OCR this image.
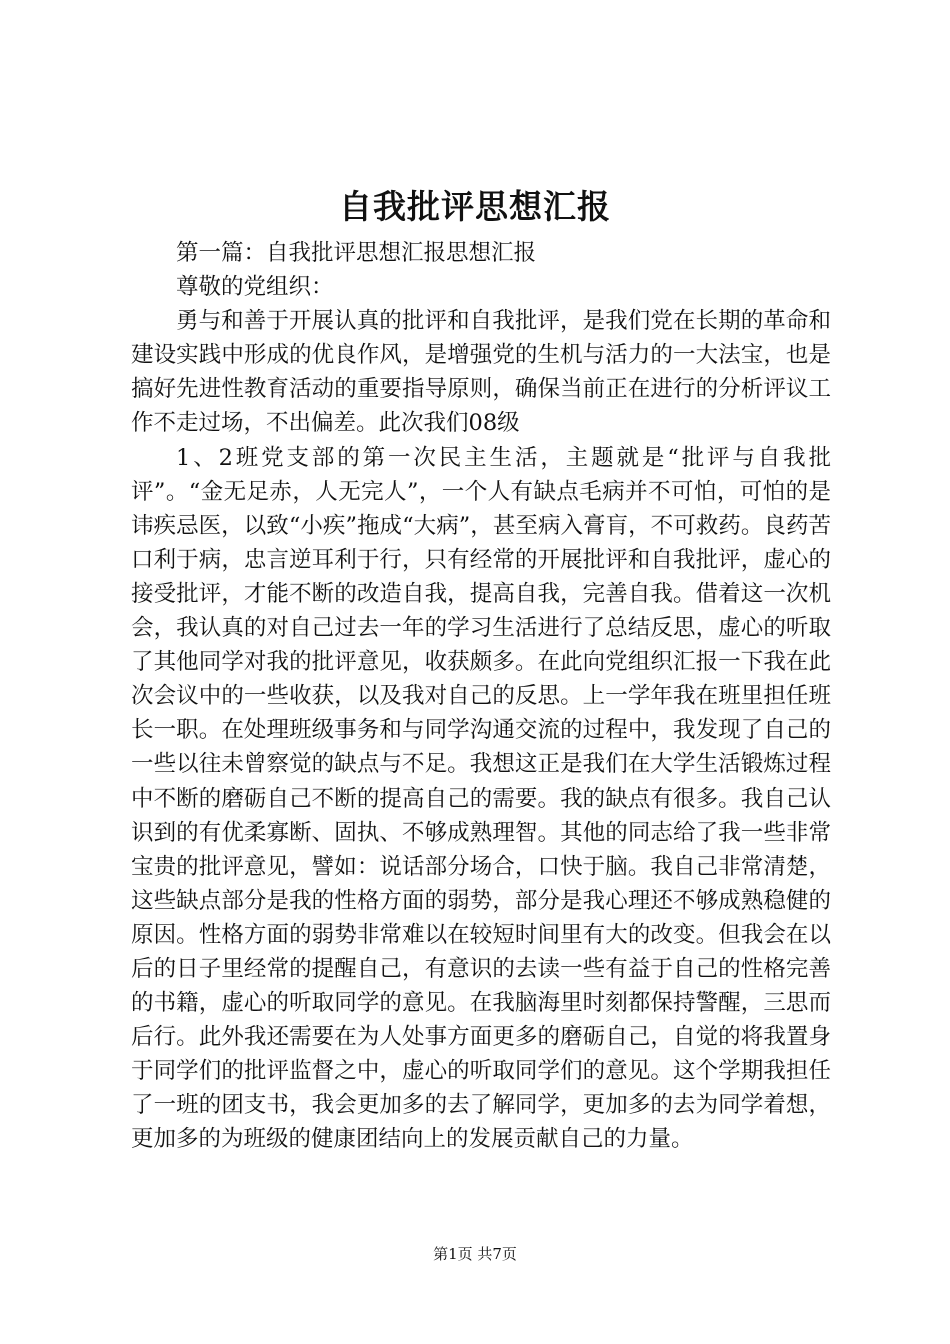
自我批评思想汇报

第一篇：自我批评思想汇报思想汇报

尊敬的党组织：

勇与和善于开展认真的批评和自我批评，是我们党在长期的革命和建设实践中形成的优良作风，是增强党的生机与活力的一大法宝，也是搞好先进性教育活动的重要指导原则，确保当前正在进行的分析评议工作不走过场，不出偏差。此次我们08级

1、2班党支部的第一次民主生活，主题就是“批评与自我批评”。“金无足赤，人无完人”，一个人有缺点毛病并不可怕，可怕的是讳疾忌医，以致“小疾”拖成“大病”，甚至病入膏肓，不可救药。良药苦口利于病，忠言逆耳利于行，只有经常的开展批评和自我批评，虚心的接受批评，才能不断的改造自我，提高自我，完善自我。借着这一次机会，我认真的对自己过去一年的学习生活进行了总结反思，虚心的听取了其他同学对我的批评意见，收获颇多。在此向党组织汇报一下我在此次会议中的一些收获，以及我对自己的反思。上一学年我在班里担任班长一职。在处理班级事务和与同学沟通交流的过程中，我发现了自己的一些以往未曾察觉的缺点与不足。我想这正是我们在大学生活锻炼过程中不断的磨砺自己不断的提高自己的需要。我的缺点有很多。我自己认识到的有优柔寡断、固执、不够成熟理智。其他的同志给了我一些非常宝贵的批评意见，譬如：说话部分场合，口快于脑。我自己非常清楚，这些缺点部分是我的性格方面的弱势，部分是我心理还不够成熟稳健的原因。性格方面的弱势非常难以在较短时间里有大的改变。但我会在以后的日子里经常的提醒自己，有意识的去读一些有益于自己的性格完善的书籍，虚心的听取同学的意见。在我脑海里时刻都保持警醒，三思而后行。此外我还需要在为人处事方面更多的磨砺自己，自觉的将我置身于同学们的批评监督之中，虚心的听取同学们的意见。这个学期我担任了一班的团支书，我会更加多的去了解同学，更加多的去为同学着想，更加多的为班级的健康团结向上的发展贡献自己的力量。

第1页 共7页
